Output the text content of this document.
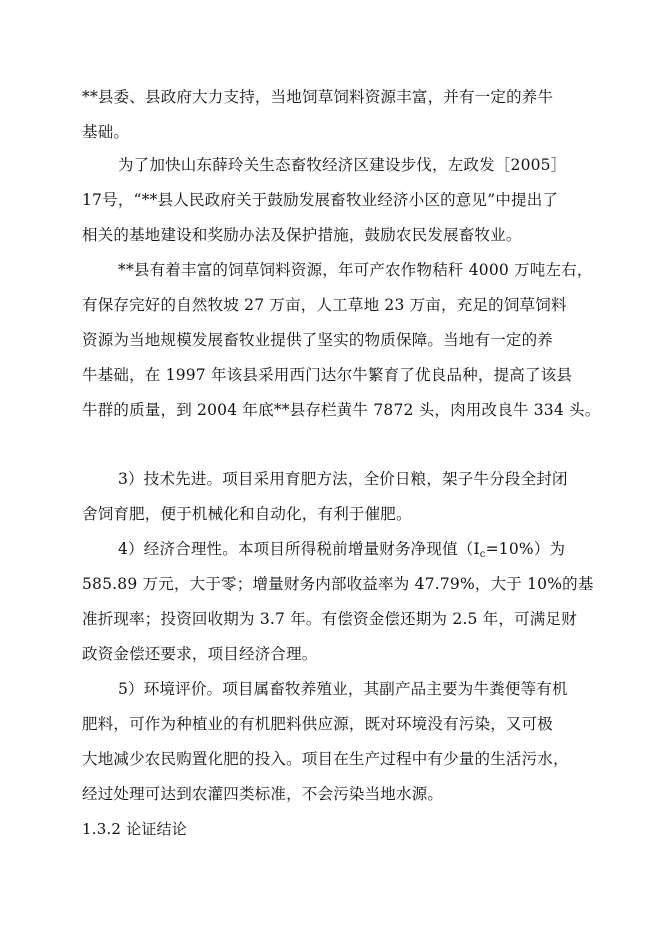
**县委、县政府大力支持，当地饲草饲料资源丰富，并有一定的养牛
基础。
为了加快山东薛玲关生态畜牧经济区建设步伐，左政发［2005］
17号，“**县人民政府关于鼓励发展畜牧业经济小区的意见”中提出了
相关的基地建设和奖励办法及保护措施，鼓励农民发展畜牧业。
**县有着丰富的饲草饲料资源，年可产农作物秸秆 4000 万吨左右，
有保存完好的自然牧坡 27 万亩，人工草地 23 万亩，充足的饲草饲料
资源为当地规模发展畜牧业提供了坚实的物质保障。当地有一定的养
牛基础，在 1997 年该县采用西门达尔牛繁育了优良品种，提高了该县
牛群的质量，到 2004 年底**县存栏黄牛 7872 头，肉用改良牛 334 头。
3）技术先进。项目采用育肥方法，全价日粮，架子牛分段全封闭
舍饲育肥，便于机械化和自动化，有利于催肥。
4）经济合理性。本项目所得税前增量财务净现值$(I_c=10\%)$为
585.89 万元，大于零；增量财务内部收益率为 47.79%，大于 10%的基
准折现率；投资回收期为 3.7 年。有偿资金偿还期为 2.5 年，可满足财
政资金偿还要求，项目经济合理。
5）环境评价。项目属畜牧养殖业，其副产品主要为牛粪便等有机
肥料，可作为种植业的有机肥料供应源，既对环境没有污染，又可极
大地减少农民购置化肥的投入。项目在生产过程中有少量的生活污水，
经过处理可达到农灌四类标准，不会污染当地水源。
1.3.2 论证结论
